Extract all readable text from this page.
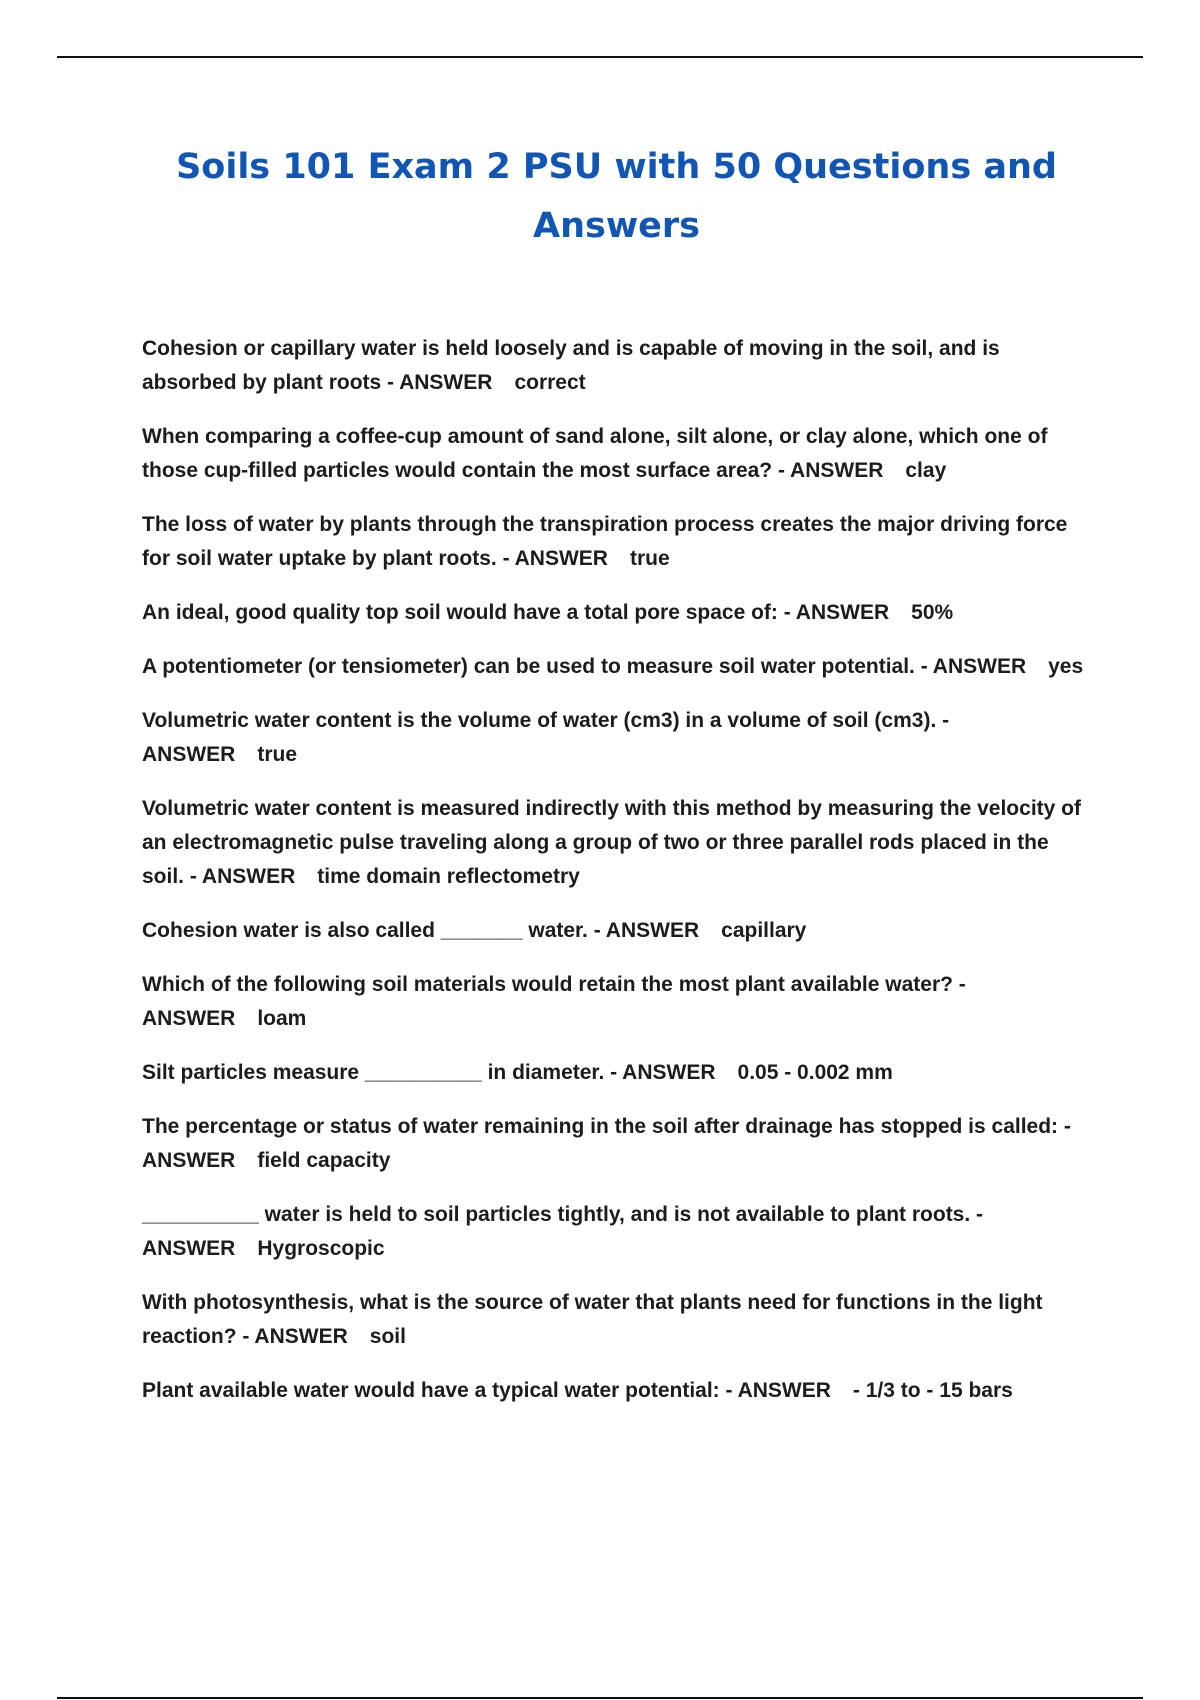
Soils 101 Exam 2 PSU with 50 Questions and Answers
Cohesion or capillary water is held loosely and is capable of moving in the soil, and is absorbed by plant roots - ANSWER correct
When comparing a coffee-cup amount of sand alone, silt alone, or clay alone, which one of those cup-filled particles would contain the most surface area? - ANSWER clay
The loss of water by plants through the transpiration process creates the major driving force for soil water uptake by plant roots. - ANSWER true
An ideal, good quality top soil would have a total pore space of: - ANSWER 50%
A potentiometer (or tensiometer) can be used to measure soil water potential. - ANSWER yes
Volumetric water content is the volume of water (cm3) in a volume of soil (cm3). - ANSWER true
Volumetric water content is measured indirectly with this method by measuring the velocity of an electromagnetic pulse traveling along a group of two or three parallel rods placed in the soil. - ANSWER time domain reflectometry
Cohesion water is also called _______ water. - ANSWER capillary
Which of the following soil materials would retain the most plant available water? - ANSWER loam
Silt particles measure __________ in diameter. - ANSWER 0.05 - 0.002 mm
The percentage or status of water remaining in the soil after drainage has stopped is called: - ANSWER field capacity
__________ water is held to soil particles tightly, and is not available to plant roots. - ANSWER Hygroscopic
With photosynthesis, what is the source of water that plants need for functions in the light reaction? - ANSWER soil
Plant available water would have a typical water potential: - ANSWER - 1/3 to - 15 bars
